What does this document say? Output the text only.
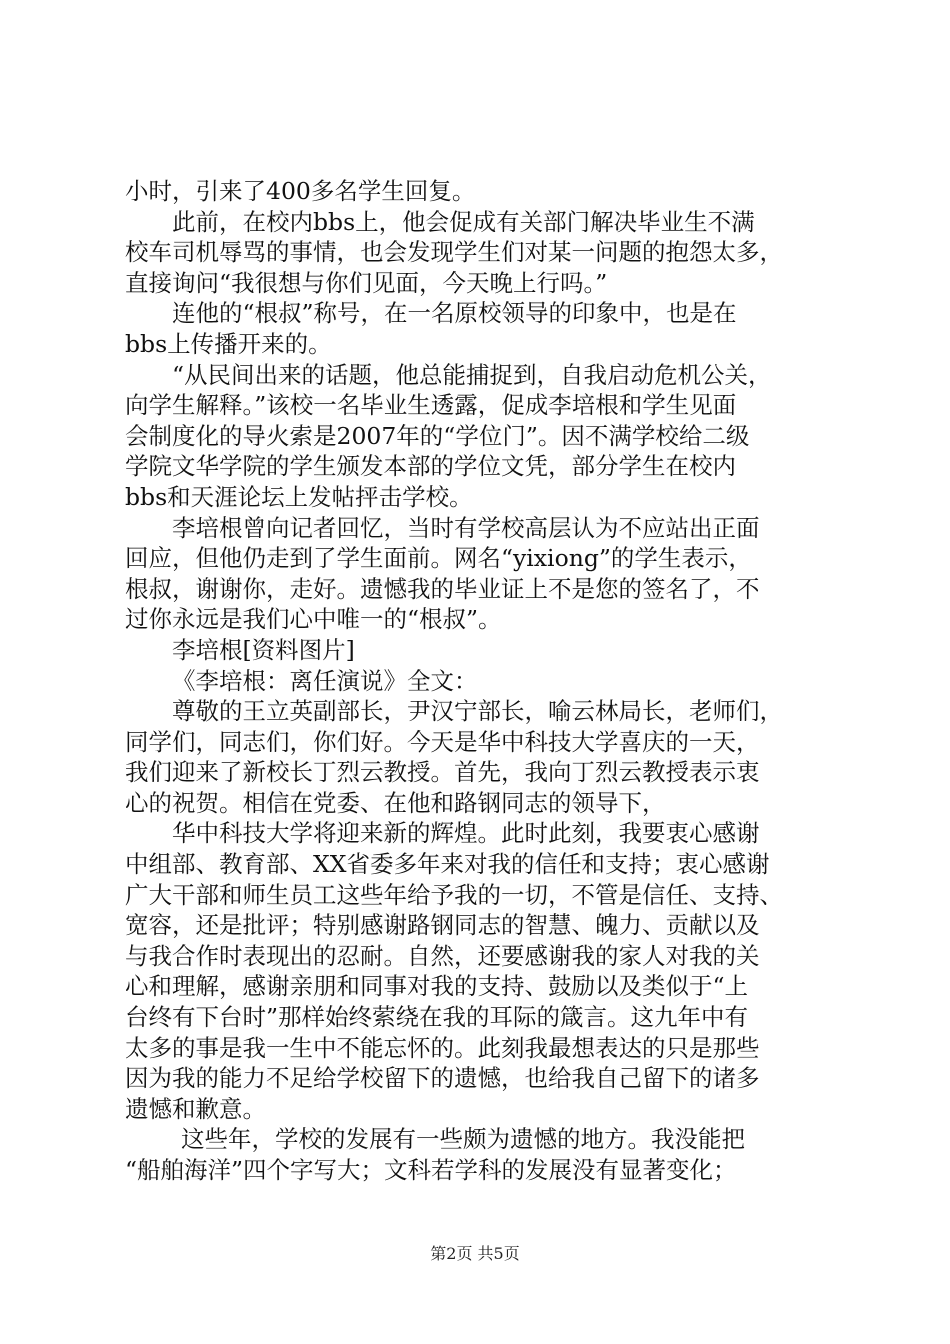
小时，引来了400多名学生回复。
此前，在校内bbs上，他会促成有关部门解决毕业生不满
校车司机辱骂的事情，也会发现学生们对某一问题的抱怨太多，
直接询问“我很想与你们见面，今天晚上行吗。”
连他的“根叔”称号，在一名原校领导的印象中，也是在
bbs上传播开来的。
“从民间出来的话题，他总能捕捉到，自我启动危机公关，
向学生解释。”该校一名毕业生透露，促成李培根和学生见面
会制度化的导火索是2007年的“学位门”。因不满学校给二级
学院文华学院的学生颁发本部的学位文凭，部分学生在校内
bbs和天涯论坛上发帖抨击学校。
李培根曾向记者回忆，当时有学校高层认为不应站出正面
回应，但他仍走到了学生面前。网名“yixiong”的学生表示，
根叔，谢谢你，走好。遗憾我的毕业证上不是您的签名了，不
过你永远是我们心中唯一的“根叔”。
李培根[资料图片]
《李培根：离任演说》全文：
尊敬的王立英副部长，尹汉宁部长，喻云林局长，老师们，
同学们，同志们，你们好。今天是华中科技大学喜庆的一天，
我们迎来了新校长丁烈云教授。首先，我向丁烈云教授表示衷
心的祝贺。相信在党委、在他和路钢同志的领导下，
华中科技大学将迎来新的辉煌。此时此刻，我要衷心感谢
中组部、教育部、XX省委多年来对我的信任和支持；衷心感谢
广大干部和师生员工这些年给予我的一切，不管是信任、支持、
宽容，还是批评；特别感谢路钢同志的智慧、魄力、贡献以及
与我合作时表现出的忍耐。自然，还要感谢我的家人对我的关
心和理解，感谢亲朋和同事对我的支持、鼓励以及类似于“上
台终有下台时”那样始终萦绕在我的耳际的箴言。这九年中有
太多的事是我一生中不能忘怀的。此刻我最想表达的只是那些
因为我的能力不足给学校留下的遗憾，也给我自己留下的诸多
遗憾和歉意。
这些年，学校的发展有一些颇为遗憾的地方。我没能把
“船舶海洋”四个字写大；文科若学科的发展没有显著变化；
第2页 共5页
